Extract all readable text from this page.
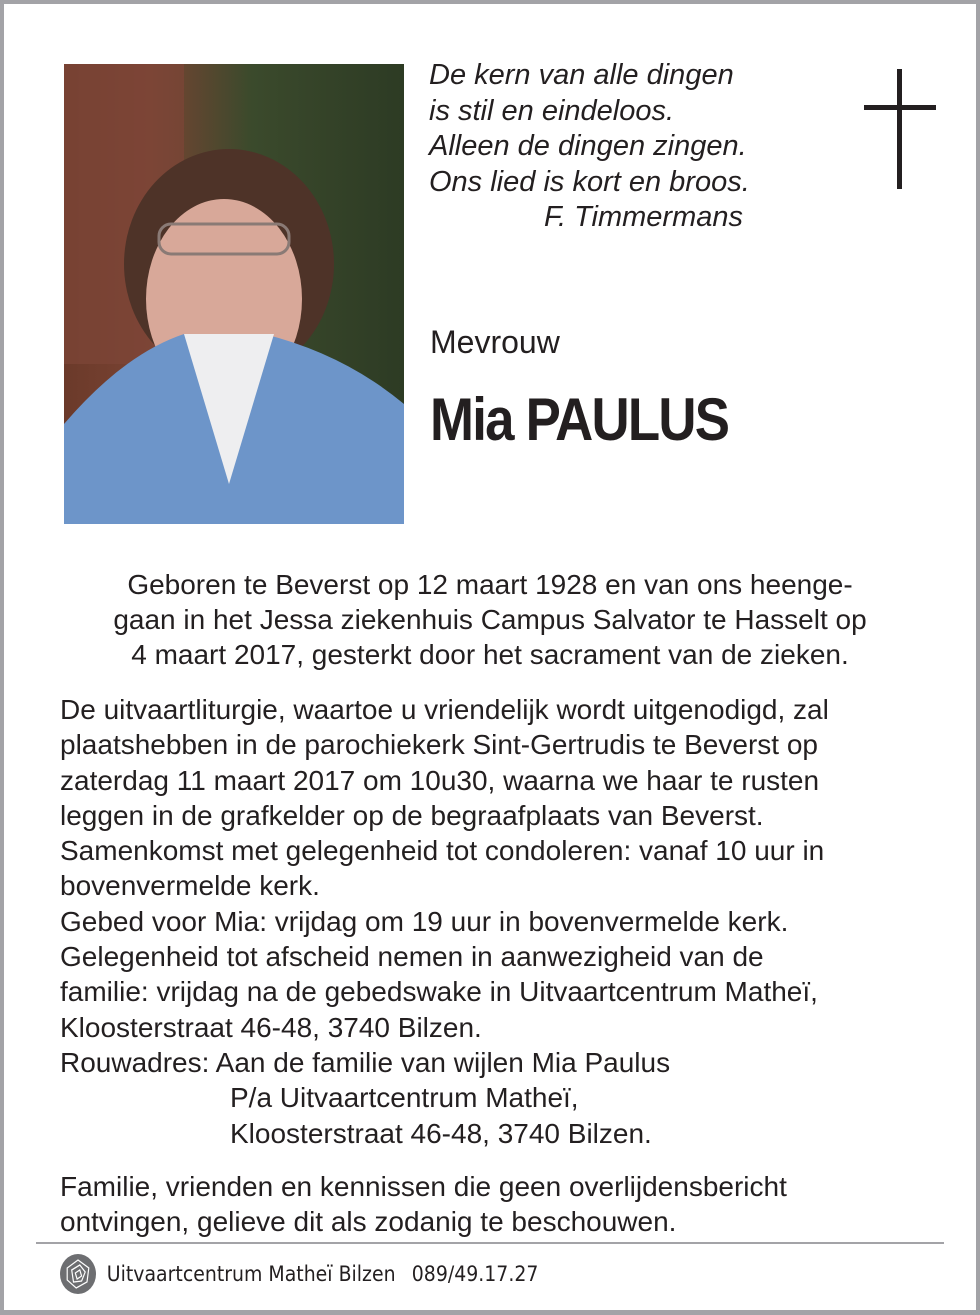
De kern van alle dingen
is stil en eindeloos.
Alleen de dingen zingen.
Ons lied is kort en broos.
F. Timmermans
Mevrouw
Mia PAULUS
Geboren te Beverst op 12 maart 1928 en van ons heenge-
gaan in het Jessa ziekenhuis Campus Salvator te Hasselt op
4 maart 2017, gesterkt door het sacrament van de zieken.
De uitvaartliturgie, waartoe u vriendelijk wordt uitgenodigd, zal
plaatshebben in de parochiekerk Sint-Gertrudis te Beverst op
zaterdag 11 maart 2017 om 10u30, waarna we haar te rusten
leggen in de grafkelder op de begraafplaats van Beverst.
Samenkomst met gelegenheid tot condoleren: vanaf 10 uur in
bovenvermelde kerk.
Gebed voor Mia: vrijdag om 19 uur in bovenvermelde kerk.
Gelegenheid tot afscheid nemen in aanwezigheid van de
familie: vrijdag na de gebedswake in Uitvaartcentrum Matheï,
Kloosterstraat 46-48, 3740 Bilzen.
Rouwadres: Aan de familie van wijlen Mia Paulus
P/a Uitvaartcentrum Matheï,
Kloosterstraat 46-48, 3740 Bilzen.
Familie, vrienden en kennissen die geen overlijdensbericht
ontvingen, gelieve dit als zodanig te beschouwen.
Uitvaartcentrum Matheï Bilzen 089/49.17.27
